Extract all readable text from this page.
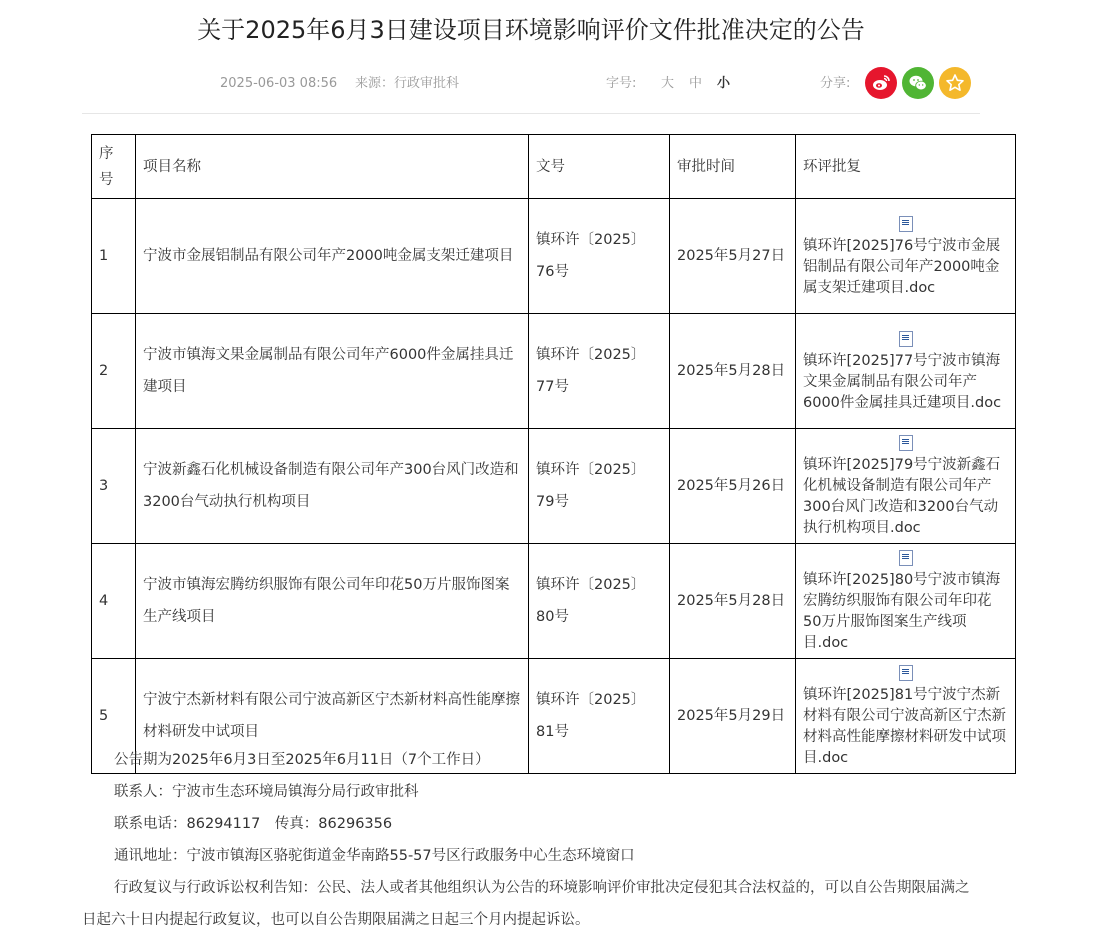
关于2025年6月3日建设项目环境影响评价文件批准决定的公告
2025-06-03 08:56 来源：行政审批科	字号: 大 中 小	分享:
序号	项目名称	文号	审批时间	环评批复
1	宁波市金展铝制品有限公司年产2000吨金属支架迁建项目	镇环许〔2025〕76号	2025年5月27日	镇环许[2025]76号宁波市金展铝制品有限公司年产2000吨金属支架迁建项目.doc
2	宁波市镇海文果金属制品有限公司年产6000件金属挂具迁建项目	镇环许〔2025〕77号	2025年5月28日	镇环许[2025]77号宁波市镇海文果金属制品有限公司年产6000件金属挂具迁建项目.doc
3	宁波新鑫石化机械设备制造有限公司年产300台风门改造和3200台气动执行机构项目	镇环许〔2025〕79号	2025年5月26日	镇环许[2025]79号宁波新鑫石化机械设备制造有限公司年产300台风门改造和3200台气动执行机构项目.doc
4	宁波市镇海宏腾纺织服饰有限公司年印花50万片服饰图案生产线项目	镇环许〔2025〕80号	2025年5月28日	镇环许[2025]80号宁波市镇海宏腾纺织服饰有限公司年印花50万片服饰图案生产线项目.doc
5	宁波宁杰新材料有限公司宁波高新区宁杰新材料高性能摩擦材料研发中试项目	镇环许〔2025〕81号	2025年5月29日	镇环许[2025]81号宁波宁杰新材料有限公司宁波高新区宁杰新材料高性能摩擦材料研发中试项目.doc
公告期为2025年6月3日至2025年6月11日（7个工作日）
联系人：宁波市生态环境局镇海分局行政审批科
联系电话：86294117　传真：86296356
通讯地址：宁波市镇海区骆驼街道金华南路55-57号区行政服务中心生态环境窗口
行政复议与行政诉讼权利告知：公民、法人或者其他组织认为公告的环境影响评价审批决定侵犯其合法权益的，可以自公告期限届满之日起六十日内提起行政复议，也可以自公告期限届满之日起三个月内提起诉讼。
